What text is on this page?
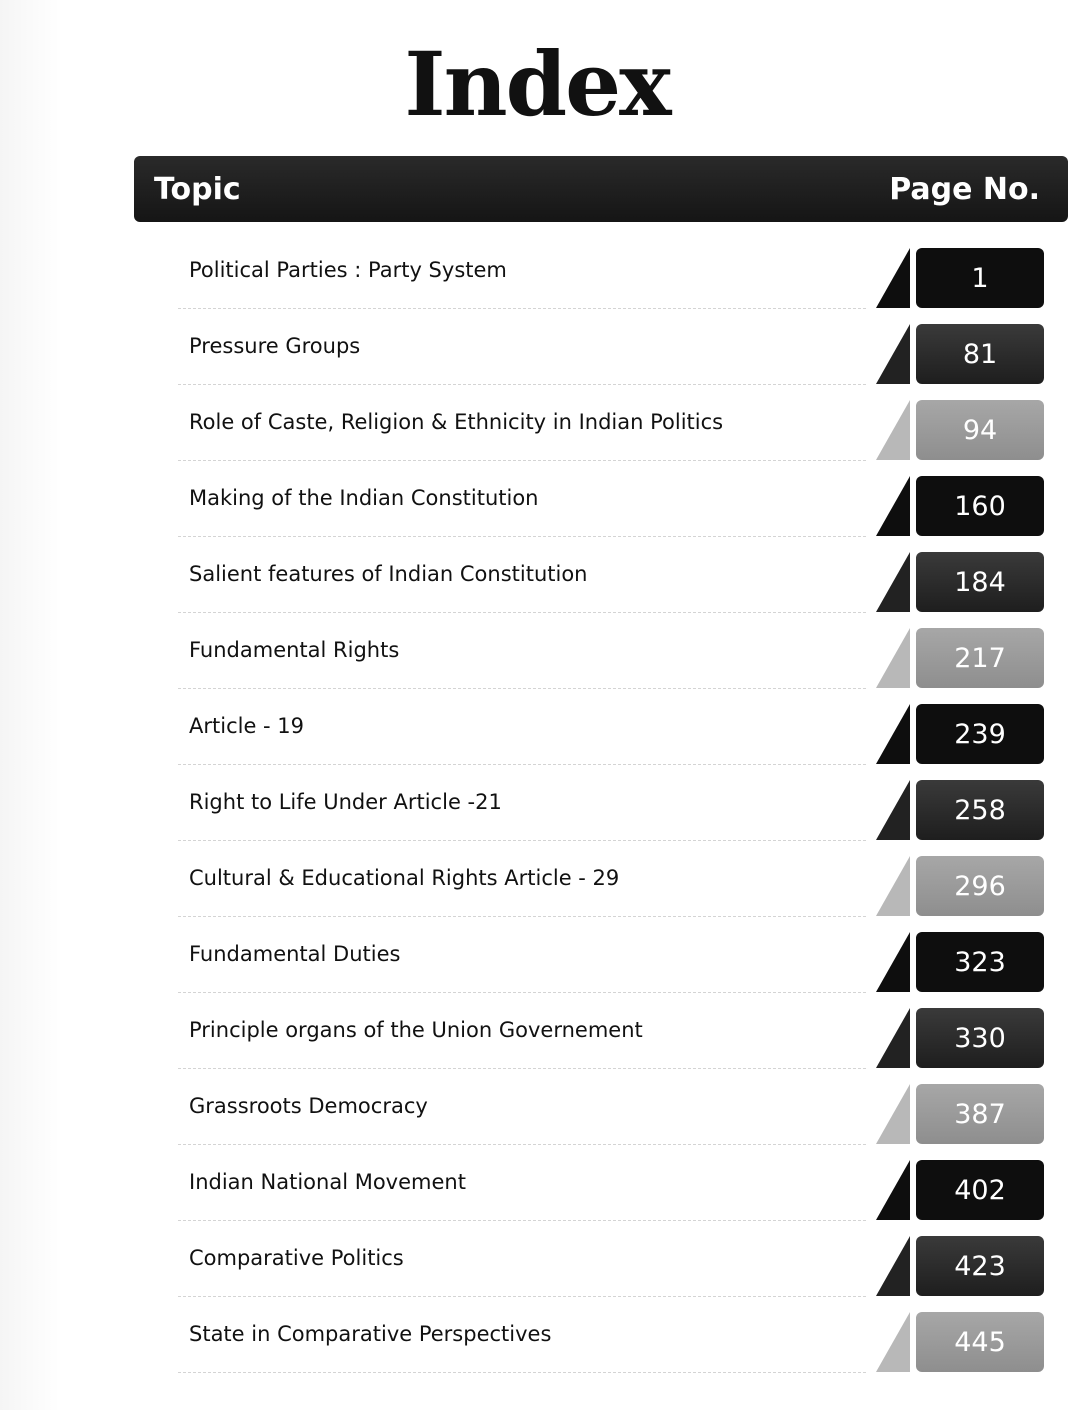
Index
Topic	Page No.
Political Parties : Party System	1
Pressure Groups	81
Role of Caste, Religion & Ethnicity in Indian Politics	94
Making of the Indian Constitution	160
Salient features of Indian Constitution	184
Fundamental Rights	217
Article - 19	239
Right to Life Under Article -21	258
Cultural & Educational Rights Article - 29	296
Fundamental Duties	323
Principle organs of the Union Governement	330
Grassroots Democracy	387
Indian National Movement	402
Comparative Politics	423
State in Comparative Perspectives	445
